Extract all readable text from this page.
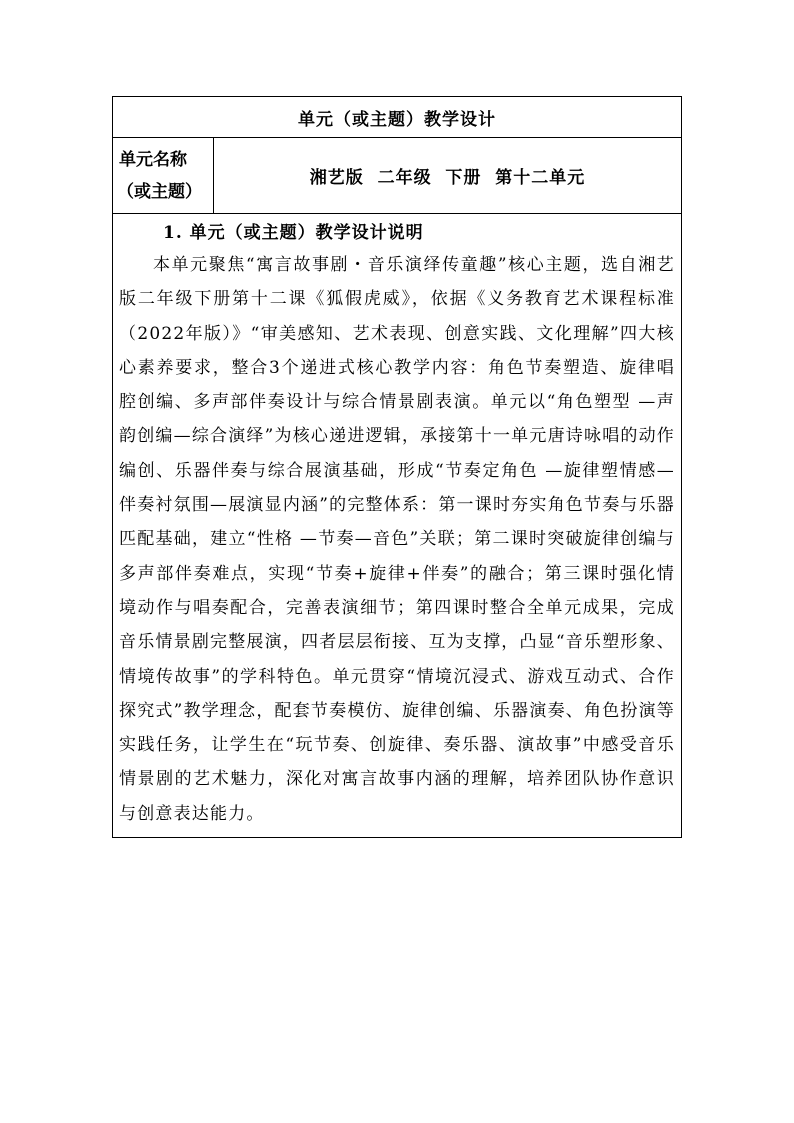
单元（或主题）教学设计
单元名称
（或主题）
湘艺版  二年级  下册  第十二单元
1. 单元（或主题）教学设计说明

本单元聚焦“寓言故事剧・音乐演绎传童趣”核心主题，选自湘艺版二年级下册第十二课《狐假虎威》，依据《义务教育艺术课程标准（2022年版）》“审美感知、艺术表现、创意实践、文化理解”四大核心素养要求，整合3个递进式核心教学内容：角色节奏塑造、旋律唱腔创编、多声部伴奏设计与综合情景剧表演。单元以“角色塑型 —声韵创编—综合演绎”为核心递进逻辑，承接第十一单元唐诗咏唱的动作编创、乐器伴奏与综合展演基础，形成“节奏定角色 —旋律塑情感—伴奏衬氛围—展演显内涵”的完整体系：第一课时夯实角色节奏与乐器匹配基础，建立“性格 —节奏—音色”关联；第二课时突破旋律创编与多声部伴奏难点，实现“节奏+旋律+伴奏”的融合；第三课时强化情境动作与唱奏配合，完善表演细节；第四课时整合全单元成果，完成音乐情景剧完整展演，四者层层衔接、互为支撑，凸显“音乐塑形象、情境传故事”的学科特色。单元贯穿“情境沉浸式、游戏互动式、合作探究式”教学理念，配套节奏模仿、旋律创编、乐器演奏、角色扮演等实践任务，让学生在“玩节奏、创旋律、奏乐器、演故事”中感受音乐情景剧的艺术魅力，深化对寓言故事内涵的理解，培养团队协作意识与创意表达能力。
